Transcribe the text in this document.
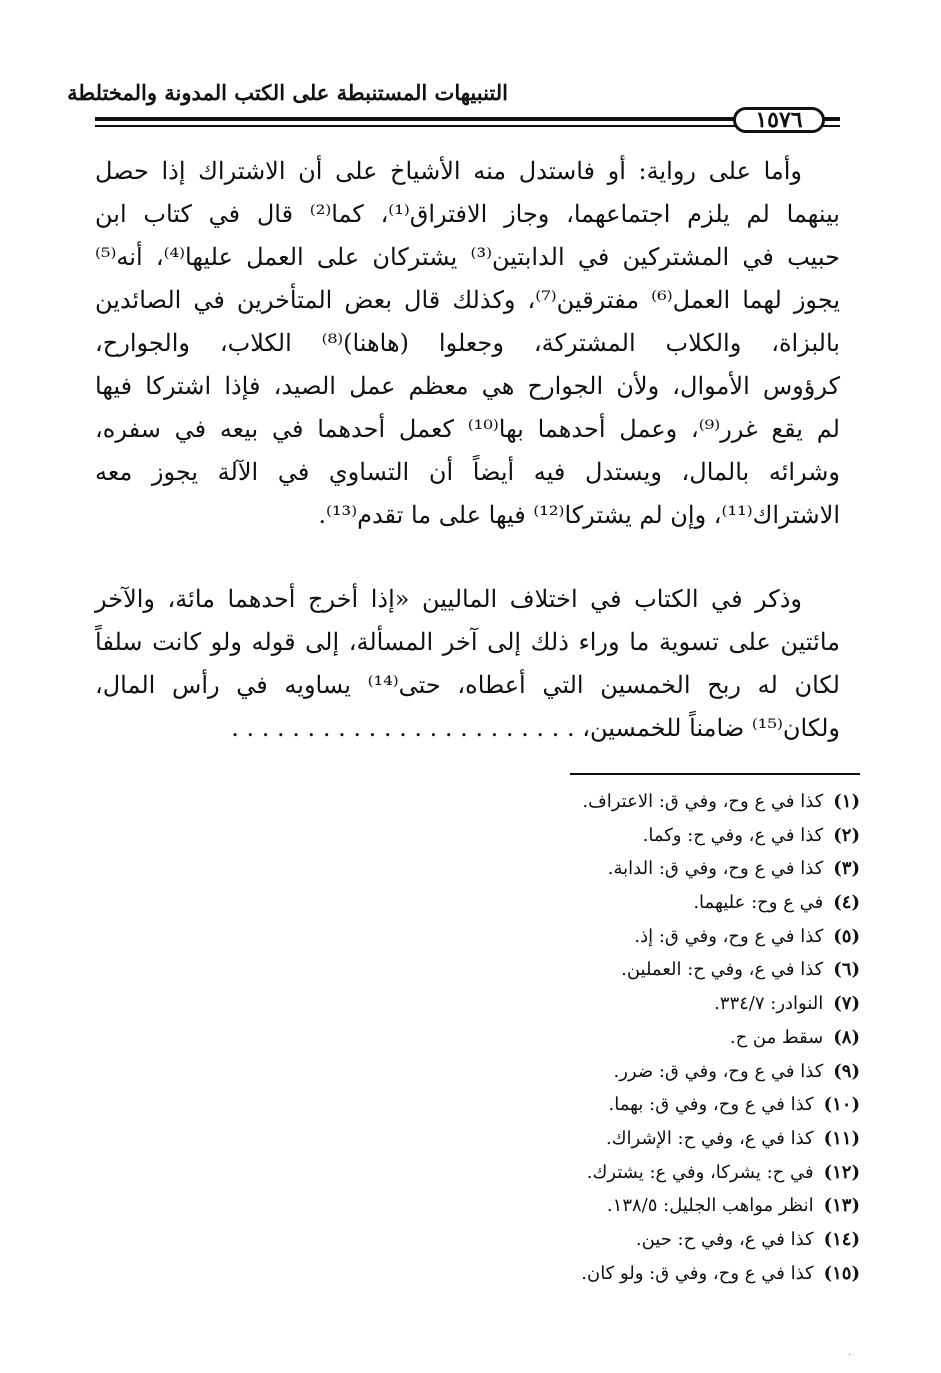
التنبيهات المستنبطة على الكتب المدونة والمختلطة
١٥٧٦
وأما على رواية: أو فاستدل منه الأشياخ على أن الاشتراك إذا حصل
بينهما لم يلزم اجتماعهما، وجاز الافتراق⁽¹⁾، كما⁽²⁾ قال في كتاب ابن
حبيب في المشتركين في الدابتين⁽³⁾ يشتركان على العمل عليها⁽⁴⁾، أنه⁽⁵⁾
يجوز لهما العمل⁽⁶⁾ مفترقين⁽⁷⁾، وكذلك قال بعض المتأخرين في الصائدين
بالبزاة، والكلاب المشتركة، وجعلوا (هاهنا)⁽⁸⁾ الكلاب، والجوارح،
كرؤوس الأموال، ولأن الجوارح هي معظم عمل الصيد، فإذا اشتركا فيها
لم يقع غرر⁽⁹⁾، وعمل أحدهما بها⁽¹⁰⁾ كعمل أحدهما في بيعه في سفره،
وشرائه بالمال، ويستدل فيه أيضاً أن التساوي في الآلة يجوز معه
الاشتراك⁽¹¹⁾، وإن لم يشتركا⁽¹²⁾ فيها على ما تقدم⁽¹³⁾.
وذكر في الكتاب في اختلاف الماليين «إذا أخرج أحدهما مائة، والآخر
مائتين على تسوية ما وراء ذلك إلى آخر المسألة، إلى قوله ولو كانت سلفاً
لكان له ربح الخمسين التي أعطاه، حتى⁽¹⁴⁾ يساويه في رأس المال،
ولكان⁽¹⁵⁾ ضامناً للخمسين، . . . . . . . . . . . . . . . . . . . . . . .
(١)كذا في ع وح، وفي ق: الاعتراف.
(٢)كذا في ع، وفي ح: وكما.
(٣)كذا في ع وح، وفي ق: الدابة.
(٤)في ع وح: عليهما.
(٥)كذا في ع وح، وفي ق: إذ.
(٦)كذا في ع، وفي ح: العملين.
(٧)النوادر: ٣٣٤/٧.
(٨)سقط من ح.
(٩)كذا في ع وح، وفي ق: ضرر.
(١٠)كذا في ع وح، وفي ق: بهما.
(١١)كذا في ع، وفي ح: الإشراك.
(١٢)في ح: يشركا، وفي ع: يشترك.
(١٣)انظر مواهب الجليل: ١٣٨/٥.
(١٤)كذا في ع، وفي ح: حين.
(١٥)كذا في ع وح، وفي ق: ولو كان.
·
